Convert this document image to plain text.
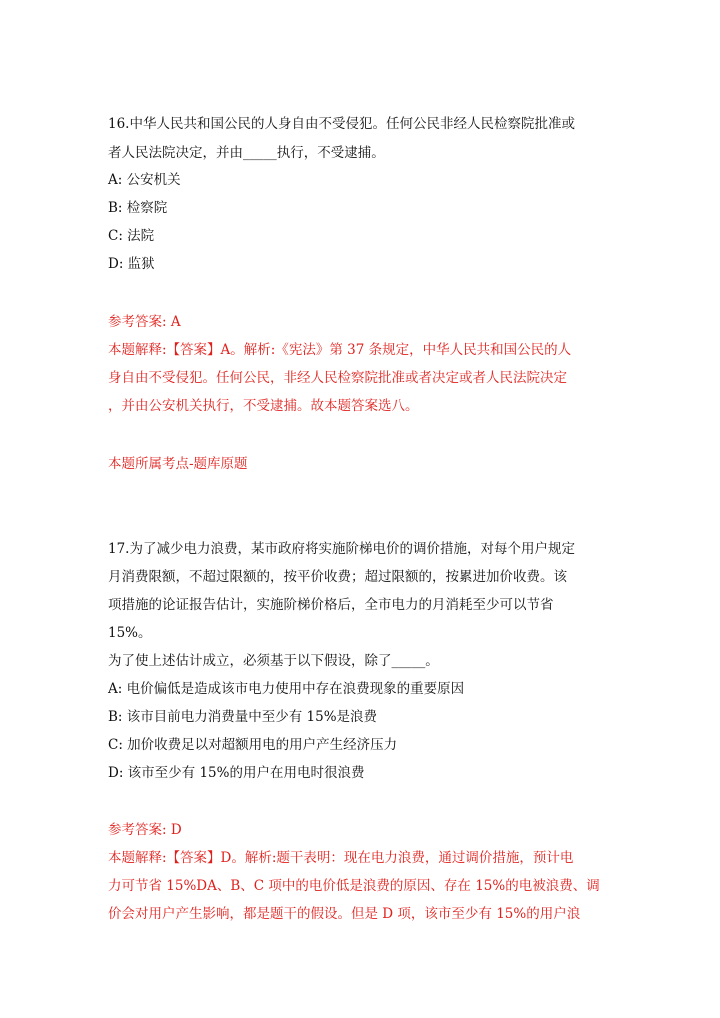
16.中华人民共和国公民的人身自由不受侵犯。任何公民非经人民检察院批准或
者人民法院决定，并由_____执行，不受逮捕。
A: 公安机关
B: 检察院
C: 法院
D: 监狱
参考答案: A
本题解释:【答案】A。解析:《宪法》第 37 条规定，中华人民共和国公民的人
身自由不受侵犯。任何公民，非经人民检察院批准或者决定或者人民法院决定
，并由公安机关执行，不受逮捕。故本题答案选八。
本题所属考点-题库原题
17.为了减少电力浪费，某市政府将实施阶梯电价的调价措施，对每个用户规定
月消费限额，不超过限额的，按平价收费；超过限额的，按累进加价收费。该
项措施的论证报告估计，实施阶梯价格后，全市电力的月消耗至少可以节省
15%。
为了使上述估计成立，必须基于以下假设，除了_____。
A: 电价偏低是造成该市电力使用中存在浪费现象的重要原因
B: 该市目前电力消费量中至少有 15%是浪费
C: 加价收费足以对超额用电的用户产生经济压力
D: 该市至少有 15%的用户在用电时很浪费
参考答案: D
本题解释:【答案】D。解析:题干表明：现在电力浪费，通过调价措施，预计电
力可节省 15%DA、B、C 项中的电价低是浪费的原因、存在 15%的电被浪费、调
价会对用户产生影响，都是题干的假设。但是 D 项，该市至少有 15%的用户浪
